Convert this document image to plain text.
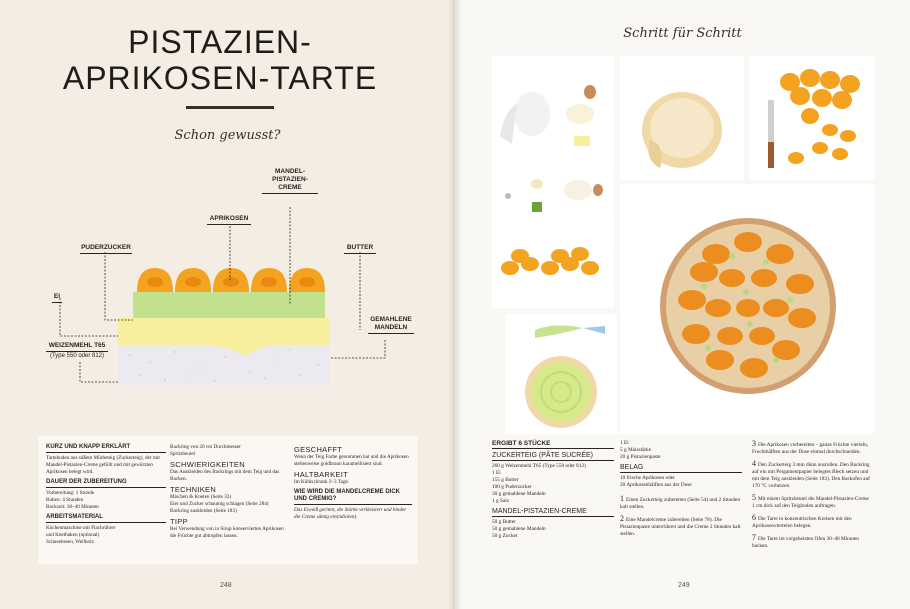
PISTAZIEN-
APRIKOSEN-TARTE
Schon gewusst?
MANDEL-
PISTAZIEN-CREME
APRIKOSEN
PUDERZUCKER	BUTTER
EI
GEMAHLENE
MANDELN
WEIZENMEHL T65
(Type 550 oder 812)
KURZ UND KNAPP ERKLÄRT

Tarteboden aus süßem Mürbeteig (Zuckerteig), der mit Mandel-Pistazien-Creme gefüllt und mit gewürzten Aprikosen belegt wird.

DAUER DER ZUBEREITUNG
Vorbereitung: 1 Stunde
Ruhen: 4 Stunden

Backzeit: 30–40 Minuten

ARBEITSMATERIAL
Küchenmaschine mit Flachrührer
und Knethaken (optional)
Schneebesen, Wellholz
Backring von 20 cm Durchmesser

Spritzbeutel

SCHWIERIGKEITEN

Das Auskleiden des Backrings mit dem Teig und das Backen.

TECHNIKEN
Mischen & Kneten (Seite 32)
Eier und Zucker schaumig schlagen (Seite 284)

Backring auskleiden (Seite 183)

TIPP

Bei Verwendung von in Sirup konservierten Aprikosen die Früchte gut abtropfen lassen.

GESCHAFFT

Wenn der Teig Farbe genommen hat und die Aprikosen stellenweise goldbraun karamellisiert sind.

HALTBARKEIT

Im Kühlschrank 2–3 Tage.

WIE WIRD DIE MANDELCREME DICK UND CREMIG?

Das Eiweiß gerinnt, die Stärke verkleistert und bindet die Creme sämig ein(ndicken).

248
Schritt für Schritt
ERGIBT 6 STÜCKE
ZUCKERTEIG (PÂTE SUCRÉE)
260 g Weizenmehl T65 (Type 550 oder 812)
1 Ei
155 g Butter
100 g Puderzucker
30 g gemahlene Mandeln
1 g Salz
MANDEL-PISTAZIEN-CREME
50 g Butter
50 g gemahlene Mandeln
50 g Zucker
1 Ei
5 g Maisstärke
20 g Pistazienpaste
BELAG
10 frische Aprikosen oder
20 Aprikosenhälften aus der Dose
1 Einen Zuckerteig zubereiten (Seite 54) und 2 Stunden kalt stellen.
2 Eine Mandelcreme zubereiten (Seite 78). Die Pistazienpaste unterrühren und die Creme 2 Stunden kalt stellen.
3 Die Aprikosen vorbereiten – ganze Früchte vierteln, Fruchthälften aus der Dose einmal durchschneiden.
4 Den Zuckerteig 3 mm dünn ausrollen. Den Backring auf ein mit Pergamentpapier belegtes Blech setzen und mit dem Teig auskleiden (Seite 183). Den Backofen auf 170 °C vorheizen.
5 Mit einem Spritzbeutel die Mandel-Pistazien-Creme 1 cm dick auf den Teigboden auftragen.
6 Die Tarte in konzentrischen Kreisen mit den Aprikosenviertelen belegen.
7 Die Tarte im vorgeheizten Ofen 30–40 Minuten backen.
249
